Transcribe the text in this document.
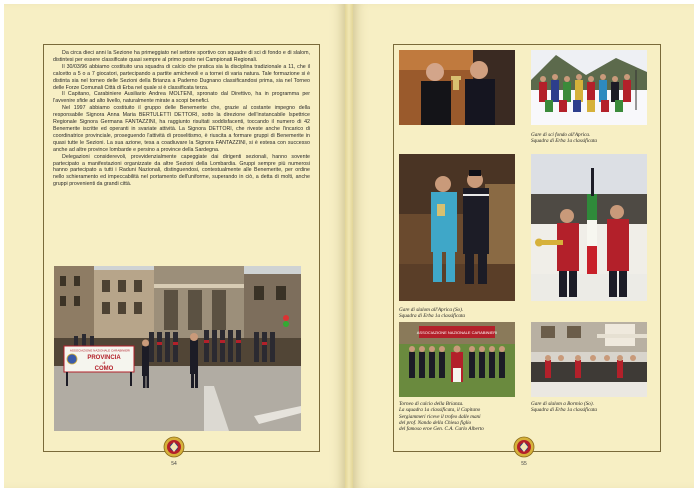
Da circa dieci anni la Sezione ha primeggiato nel settore sportivo con squadre di sci di fondo e di slalom, distintesi per essere classificate quasi sempre al primo posto nei Campionati Regionali.

Il 30/03/96 abbiamo costituito una squadra di calcio che pratica sia la disciplina tradizionale a 11, che il calcetto a 5 o a 7 giocatori, partecipando a partite amichevoli e a tornei di varia natura. Tale formazione si è distinta sia nel torneo delle Sezioni della Brianza a Paderno Dugnano classificandosi prima, sia nel Torneo delle Forze Comunali Città di Erba nel quale si è classificata terza.

Il Capitano, Carabiniere Ausiliario Andrea MOLTENI, spronato dal Direttivo, ha in programma per l'avvenire sfide ad alto livello, naturalmente mirate a scopi benefici.

Nel 1997 abbiamo costituito il gruppo delle Benemerite che, grazie al costante impegno della responsabile Signora Anna Maria BERTULETTI DETTORI, sotto la direzione dell'instancabile Ispettrice Regionale Signora Germana FANTAZZINI, ha raggiunto risultati soddisfacenti, toccando il numero di 42 Benemerite iscritte ed operanti in svariate attività. La Signora DETTORI, che riveste anche l'incarico di coordinatrice provinciale, proseguendo l'attività di proselitismo, è riuscita a formare gruppi di Benemerite in quasi tutte le Sezioni. La sua azione, tesa a coadiuvare la Signora FANTAZZINI, si è estesa con successo anche ad altre province lombarde e persino a province della Sardegna.

Delegazioni considerevoli, provvidenzialmente capeggiate dai dirigenti sezionali, hanno sovente partecipato a manifestazioni organizzate da altre Sezioni della Lombardia. Gruppi sempre più numerosi hanno partecipato a tutti i Raduni Nazionali, distinguendosi, contestualmente alle Benemerite, per ordine nello schieramento ed impeccabilità nel portamento dell'uniforme, superando in ciò, a detta di molti, anche gruppi provenienti da grandi città.

ASSOCIAZIONE NAZIONALE CARABINIERI
PROVINCIA
di
COMO
54
Gare di sci fondo all'Aprica.
Squadra di Erba 1a classificata
Gare di slalom all'Aprica (So).
Squadra di Erba 1a classificata
ASSOCIAZIONE NAZIONALE CARABINIERI
Torneo di calcio della Brianza.
La squadra 1a classificata, il Capitano
Sergiammeri riceve il trofeo dalle mani
del prof. Nando della Chiesa figlio
del famoso eroe Gen. C.A. Carlo Alberto
Gare di slalom a Bormio (So).
Squadra di Erba 1a classificata
55
